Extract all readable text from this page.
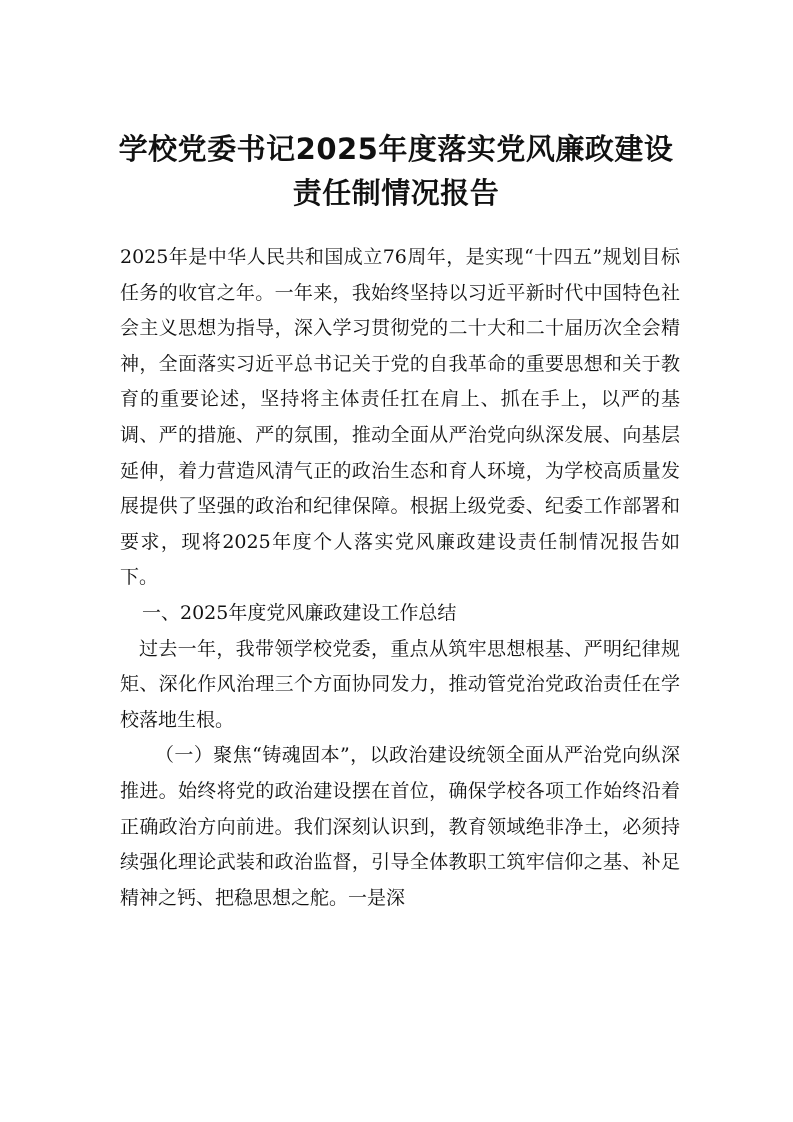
学校党委书记2025年度落实党风廉政建设
责任制情况报告

2025年是中华人民共和国成立76周年，是实现“十四五”规划目标任务的收官之年。一年来，我始终坚持以习近平新时代中国特色社会主义思想为指导，深入学习贯彻党的二十大和二十届历次全会精神，全面落实习近平总书记关于党的自我革命的重要思想和关于教育的重要论述，坚持将主体责任扛在肩上、抓在手上，以严的基调、严的措施、严的氛围，推动全面从严治党向纵深发展、向基层延伸，着力营造风清气正的政治生态和育人环境，为学校高质量发展提供了坚强的政治和纪律保障。根据上级党委、纪委工作部署和要求，现将2025年度个人落实党风廉政建设责任制情况报告如下。

一、2025年度党风廉政建设工作总结

过去一年，我带领学校党委，重点从筑牢思想根基、严明纪律规矩、深化作风治理三个方面协同发力，推动管党治党政治责任在学校落地生根。

（一）聚焦“铸魂固本”，以政治建设统领全面从严治党向纵深推进。始终将党的政治建设摆在首位，确保学校各项工作始终沿着正确政治方向前进。我们深刻认识到，教育领域绝非净土，必须持续强化理论武装和政治监督，引导全体教职工筑牢信仰之基、补足精神之钙、把稳思想之舵。一是深
